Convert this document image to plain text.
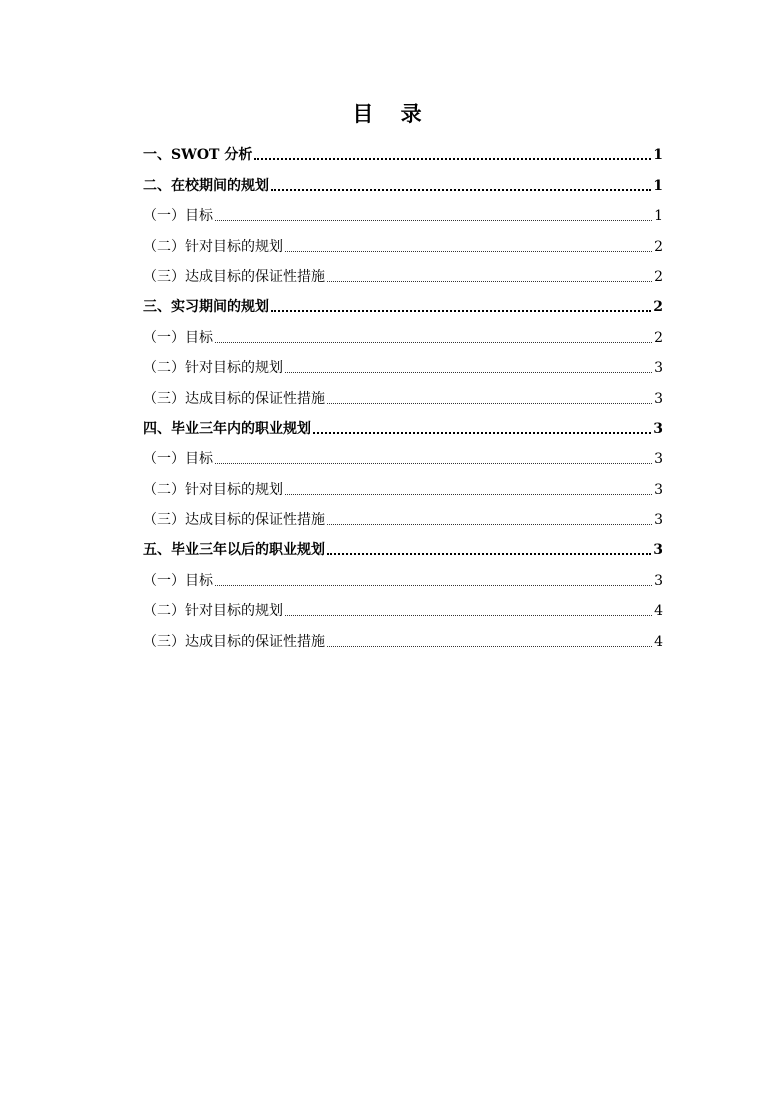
目 录
一、SWOT 分析	1
二、在校期间的规划	1
（一）目标	1
（二）针对目标的规划	2
（三）达成目标的保证性措施	2
三、实习期间的规划	2
（一）目标	2
（二）针对目标的规划	3
（三）达成目标的保证性措施	3
四、毕业三年内的职业规划	3
（一）目标	3
（二）针对目标的规划	3
（三）达成目标的保证性措施	3
五、毕业三年以后的职业规划	3
（一）目标	3
（二）针对目标的规划	4
（三）达成目标的保证性措施	4
